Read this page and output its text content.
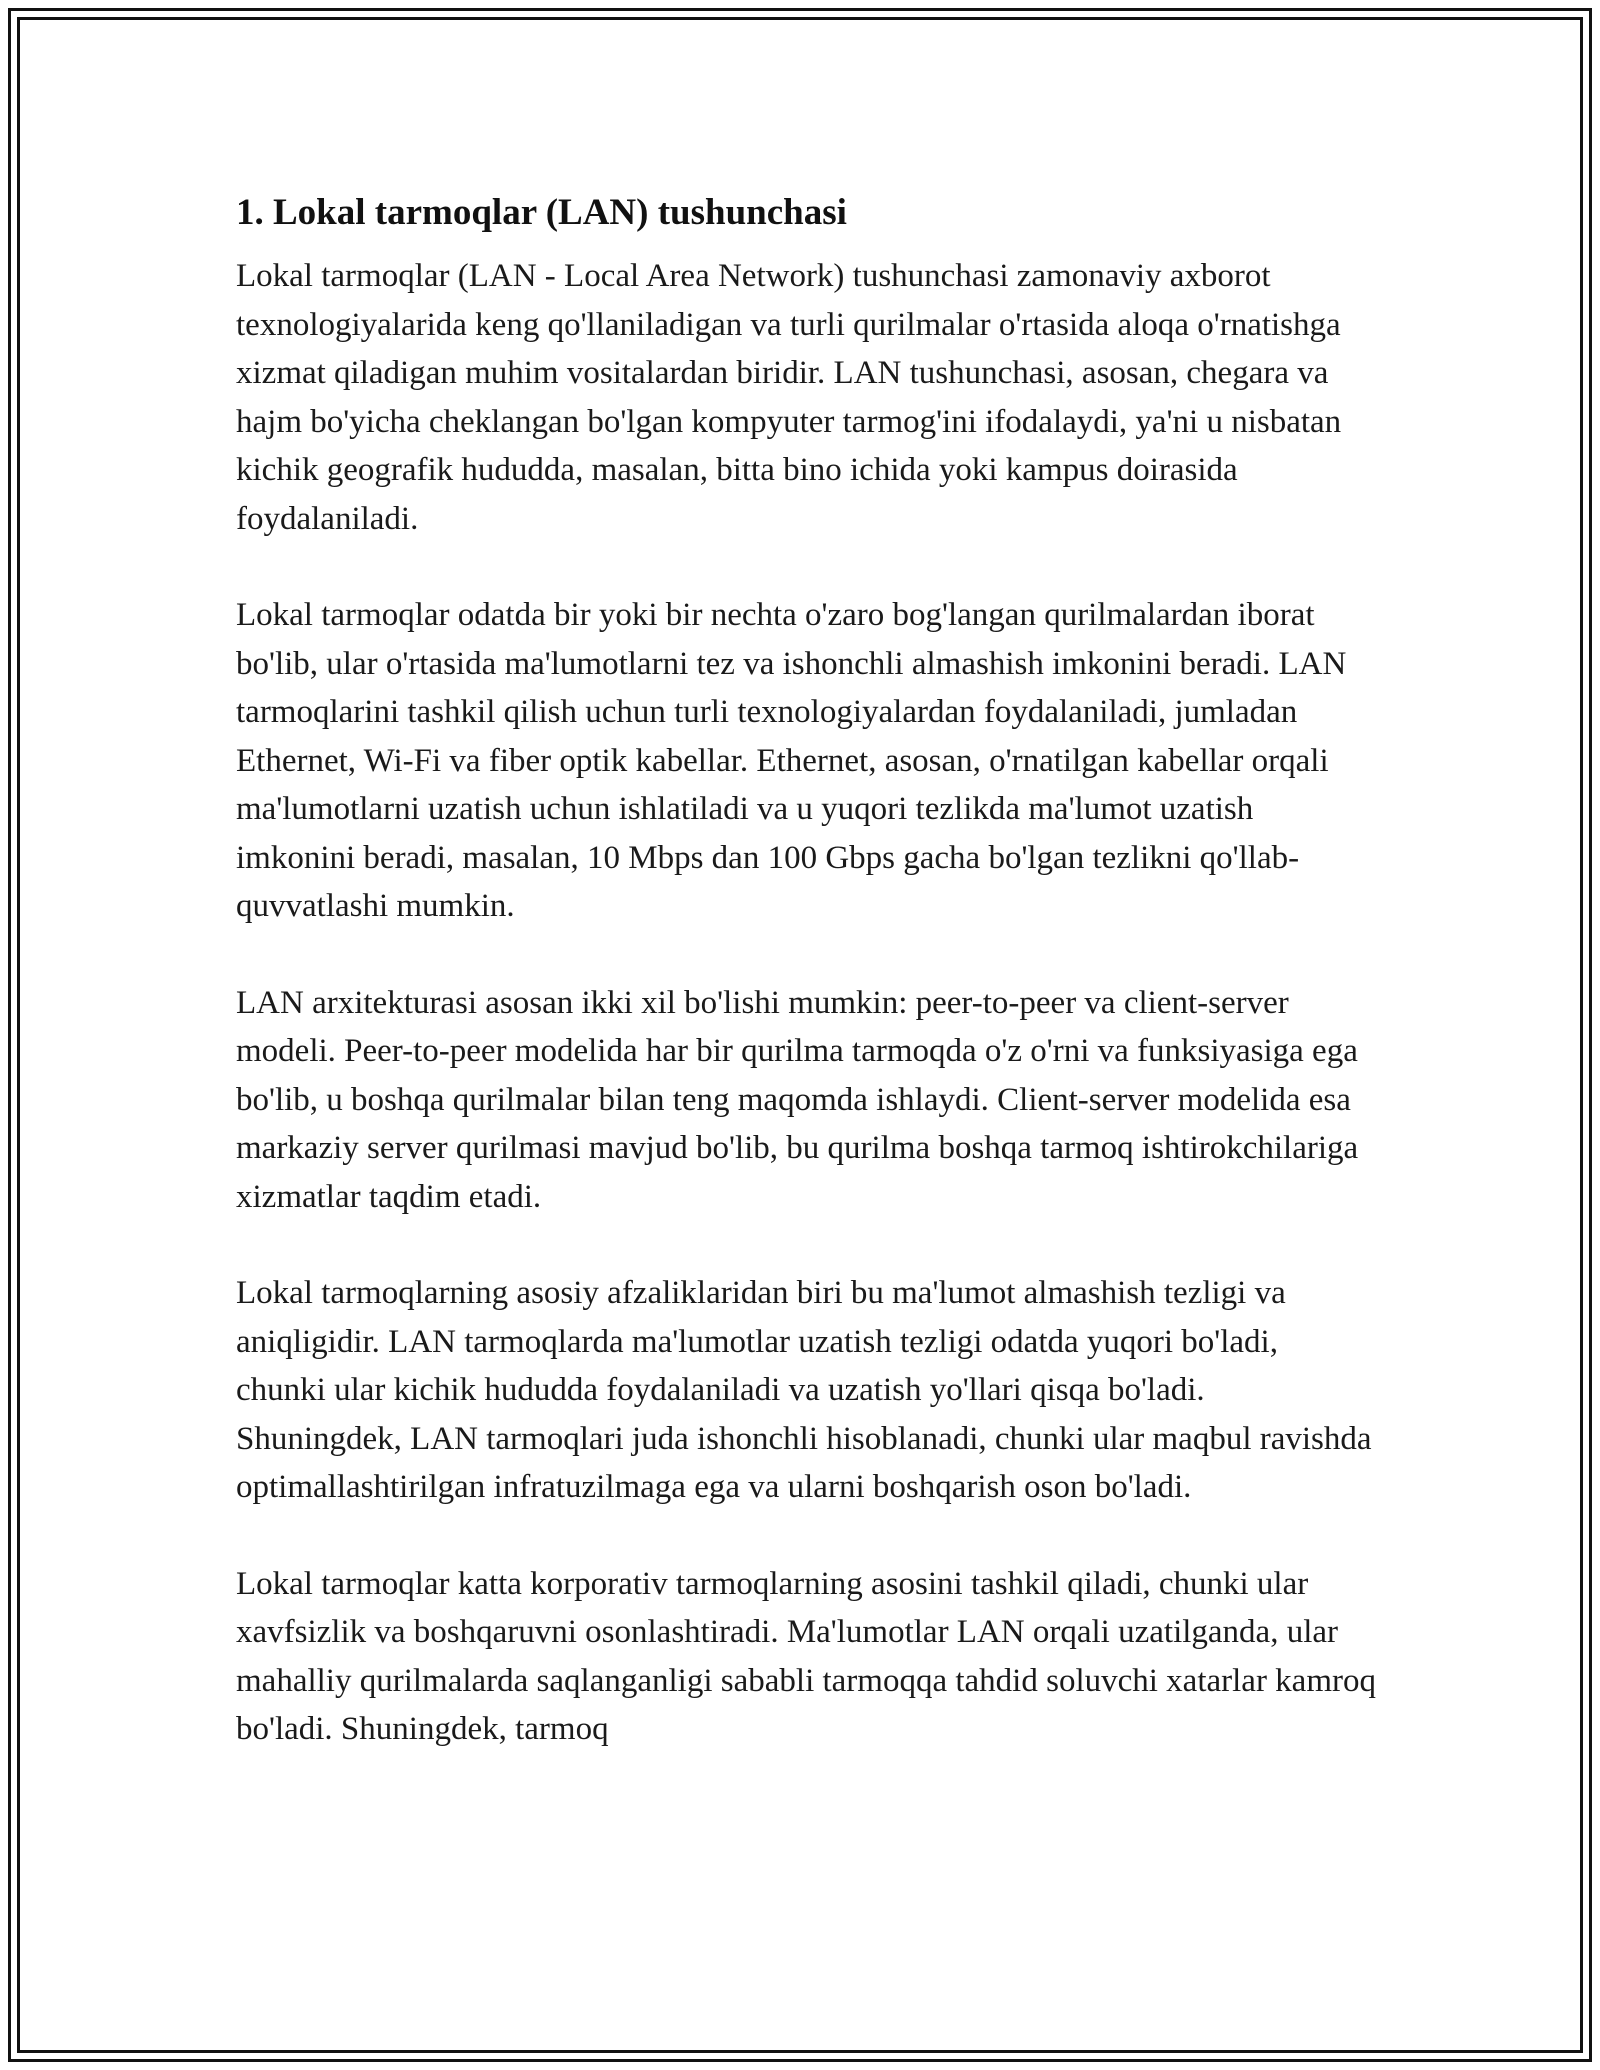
1. Lokal tarmoqlar (LAN) tushunchasi

Lokal tarmoqlar (LAN - Local Area Network) tushunchasi zamonaviy axborot texnologiyalarida keng qo'llaniladigan va turli qurilmalar o'rtasida aloqa o'rnatishga xizmat qiladigan muhim vositalardan biridir. LAN tushunchasi, asosan, chegara va hajm bo'yicha cheklangan bo'lgan kompyuter tarmog'ini ifodalaydi, ya'ni u nisbatan kichik geografik hududda, masalan, bitta bino ichida yoki kampus doirasida foydalaniladi.

Lokal tarmoqlar odatda bir yoki bir nechta o'zaro bog'langan qurilmalardan iborat bo'lib, ular o'rtasida ma'lumotlarni tez va ishonchli almashish imkonini beradi. LAN tarmoqlarini tashkil qilish uchun turli texnologiyalardan foydalaniladi, jumladan Ethernet, Wi-Fi va fiber optik kabellar. Ethernet, asosan, o'rnatilgan kabellar orqali ma'lumotlarni uzatish uchun ishlatiladi va u yuqori tezlikda ma'lumot uzatish imkonini beradi, masalan, 10 Mbps dan 100 Gbps gacha bo'lgan tezlikni qo'llab-quvvatlashi mumkin.

LAN arxitekturasi asosan ikki xil bo'lishi mumkin: peer-to-peer va client-server modeli. Peer-to-peer modelida har bir qurilma tarmoqda o'z o'rni va funksiyasiga ega bo'lib, u boshqa qurilmalar bilan teng maqomda ishlaydi. Client-server modelida esa markaziy server qurilmasi mavjud bo'lib, bu qurilma boshqa tarmoq ishtirokchilariga xizmatlar taqdim etadi.

Lokal tarmoqlarning asosiy afzaliklaridan biri bu ma'lumot almashish tezligi va aniqligidir. LAN tarmoqlarda ma'lumotlar uzatish tezligi odatda yuqori bo'ladi, chunki ular kichik hududda foydalaniladi va uzatish yo'llari qisqa bo'ladi. Shuningdek, LAN tarmoqlari juda ishonchli hisoblanadi, chunki ular maqbul ravishda optimallashtirilgan infratuzilmaga ega va ularni boshqarish oson bo'ladi.

Lokal tarmoqlar katta korporativ tarmoqlarning asosini tashkil qiladi, chunki ular xavfsizlik va boshqaruvni osonlashtiradi. Ma'lumotlar LAN orqali uzatilganda, ular mahalliy qurilmalarda saqlanganligi sababli tarmoqqa tahdid soluvchi xatarlar kamroq bo'ladi. Shuningdek, tarmoq
